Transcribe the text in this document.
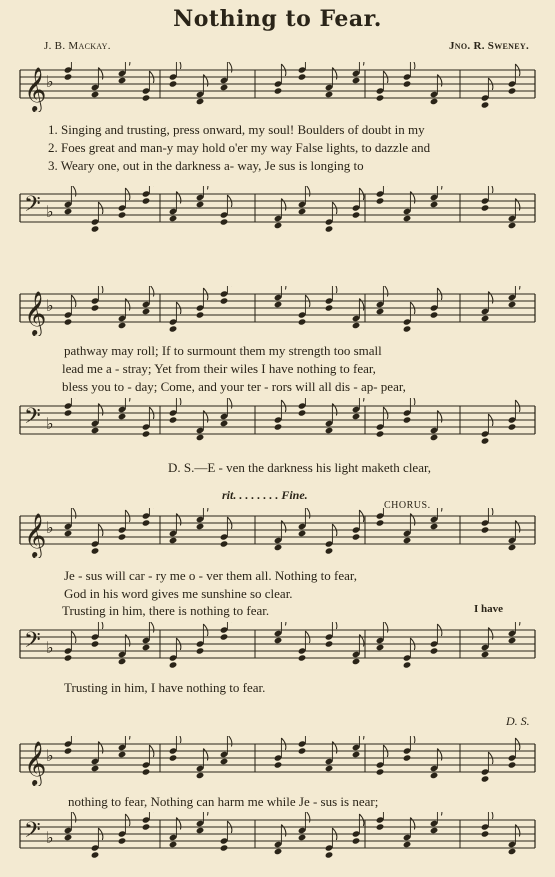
Nothing to Fear.
J. B. Mackay.	Jno. R. Sweney.
𝄞 ♭
1. Singing and trusting, press onward, my soul! Boulders of doubt in my
2. Foes great and man-y may hold o'er my way False lights, to dazzle and
3. Weary one, out in the darkness a- way, Je sus is longing to
𝄢 ♭
𝄞 ♭
pathway may roll; If to surmount them my strength too small
lead me a - stray; Yet from their wiles I have nothing to fear,
bless you to - day; Come, and your ter - rors will all dis - ap- pear,
𝄢 ♭
D. S.—E - ven the darkness his light maketh clear,
rit. . . . . . . . Fine.
CHORUS.
𝄞 ♭
Je - sus will car - ry me o - ver them all. Nothing to fear,
God in his word gives me sunshine so clear.
Trusting in him, there is nothing to fear.	I have
𝄢 ♭
Trusting in him, I have nothing to fear.
D. S.
𝄞 ♭
nothing to fear, Nothing can harm me while Je - sus is near;
𝄢 ♭
